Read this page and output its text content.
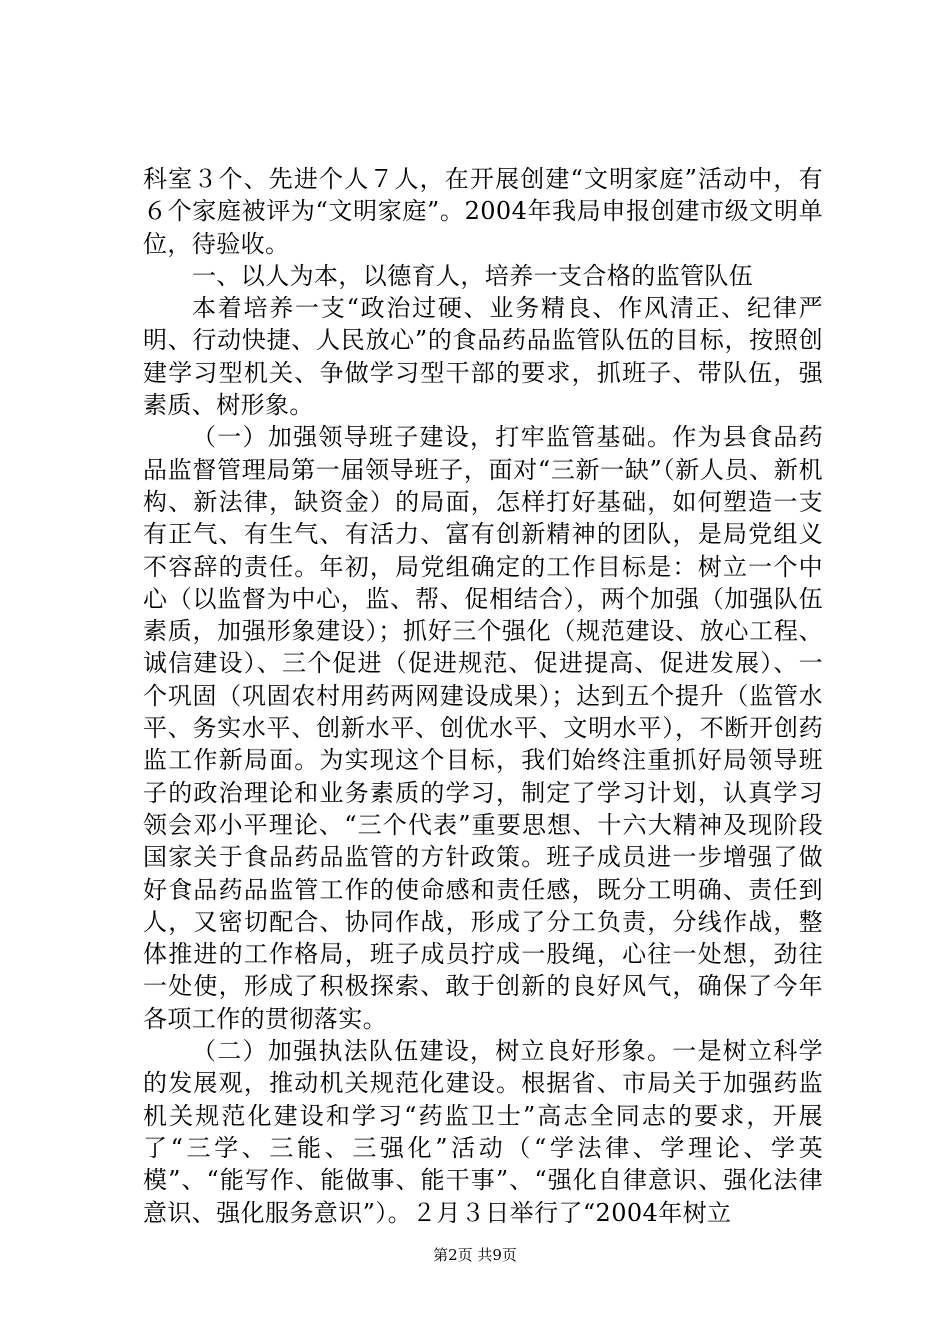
科室３个、先进个人７人，在开展创建“文明家庭”活动中，有６个家庭被评为“文明家庭”。2004年我局申报创建市级文明单位，待验收。

一、以人为本，以德育人，培养一支合格的监管队伍

本着培养一支“政治过硬、业务精良、作风清正、纪律严明、行动快捷、人民放心”的食品药品监管队伍的目标，按照创建学习型机关、争做学习型干部的要求，抓班子、带队伍，强素质、树形象。

（一）加强领导班子建设，打牢监管基础。作为县食品药品监督管理局第一届领导班子，面对“三新一缺”（新人员、新机构、新法律，缺资金）的局面，怎样打好基础，如何塑造一支有正气、有生气、有活力、富有创新精神的团队，是局党组义不容辞的责任。年初，局党组确定的工作目标是：树立一个中心（以监督为中心，监、帮、促相结合），两个加强（加强队伍素质，加强形象建设）；抓好三个强化（规范建设、放心工程、诚信建设）、三个促进（促进规范、促进提高、促进发展）、一个巩固（巩固农村用药两网建设成果）；达到五个提升（监管水平、务实水平、创新水平、创优水平、文明水平），不断开创药监工作新局面。为实现这个目标，我们始终注重抓好局领导班子的政治理论和业务素质的学习，制定了学习计划，认真学习领会邓小平理论、“三个代表”重要思想、十六大精神及现阶段国家关于食品药品监管的方针政策。班子成员进一步增强了做好食品药品监管工作的使命感和责任感，既分工明确、责任到人，又密切配合、协同作战，形成了分工负责，分线作战，整体推进的工作格局，班子成员拧成一股绳，心往一处想，劲往一处使，形成了积极探索、敢于创新的良好风气，确保了今年各项工作的贯彻落实。

（二）加强执法队伍建设，树立良好形象。一是树立科学的发展观，推动机关规范化建设。根据省、市局关于加强药监机关规范化建设和学习“药监卫士”高志全同志的要求，开展了“三学、三能、三强化”活动（“学法律、学理论、学英模”、“能写作、能做事、能干事”、“强化自律意识、强化法律意识、强化服务意识”）。２月３日举行了“2004年树立

第2页 共9页
